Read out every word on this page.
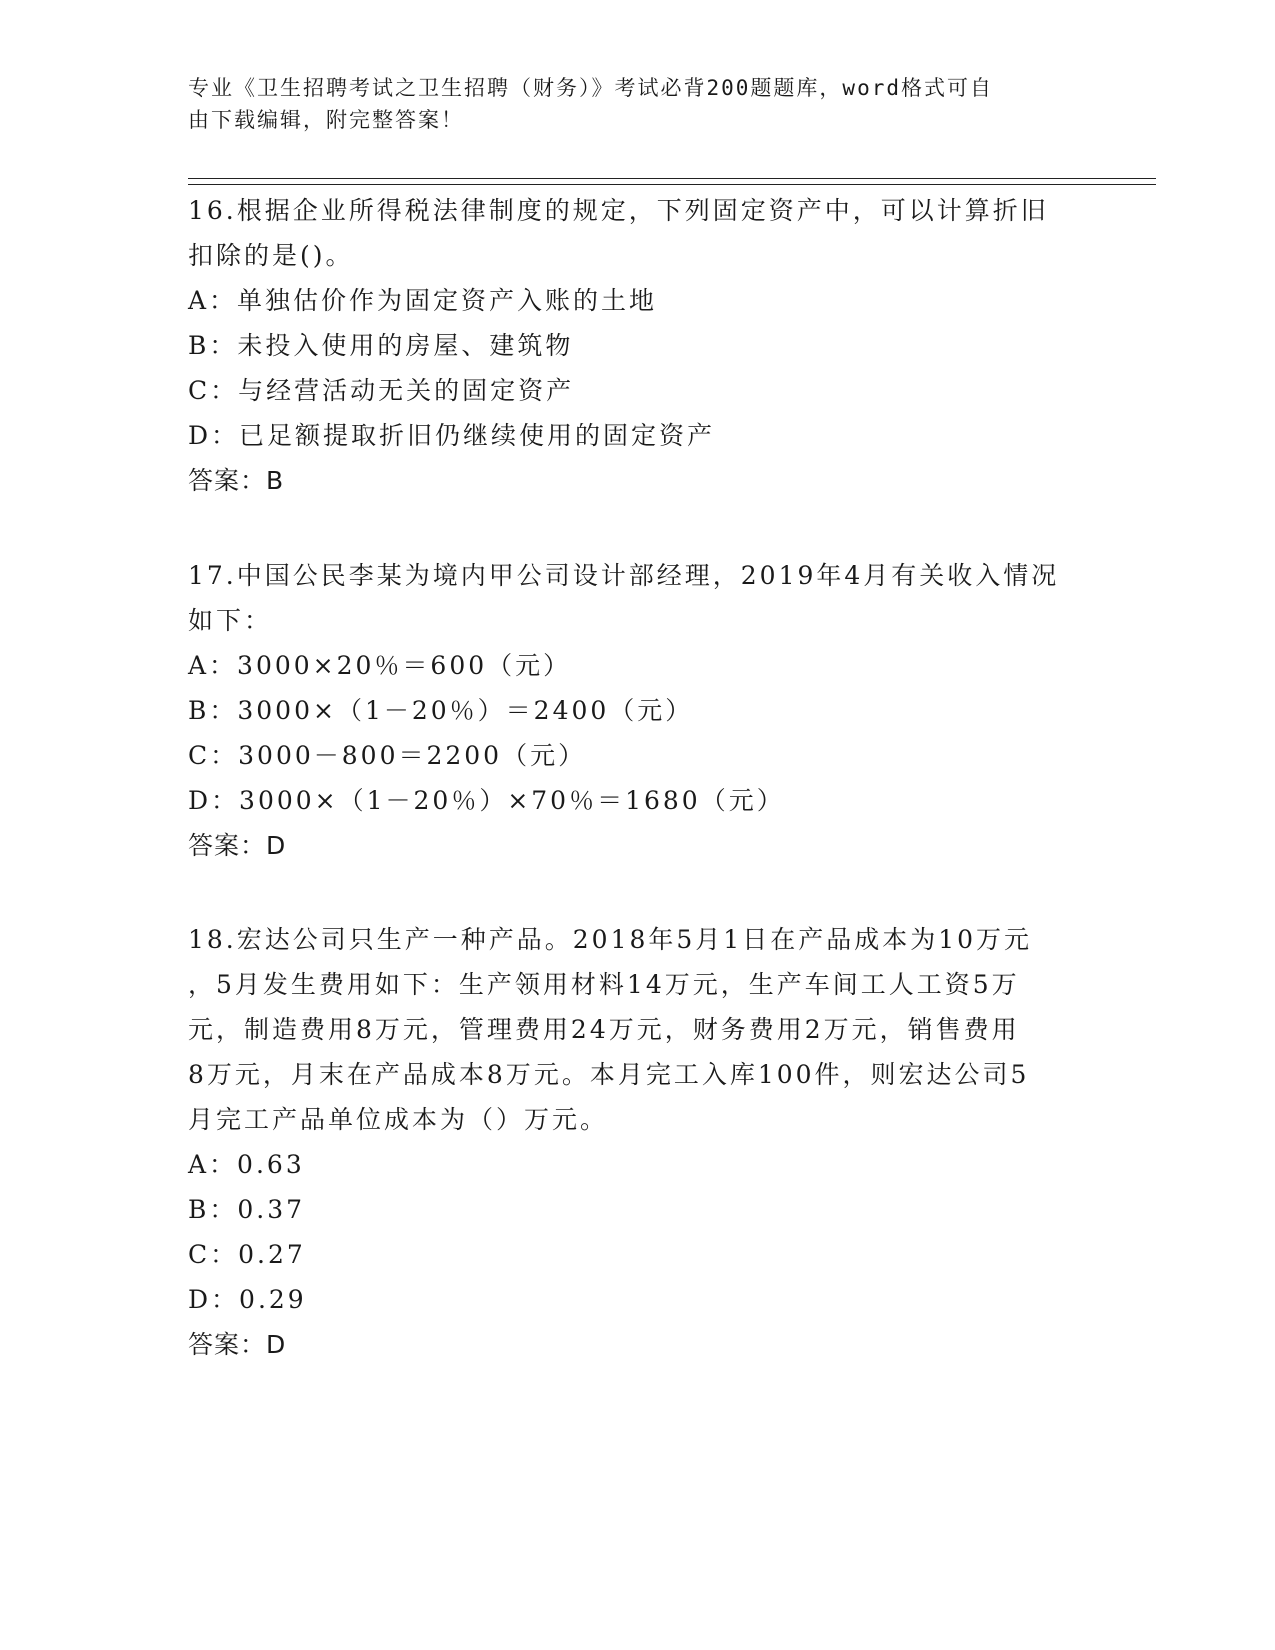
专业《卫生招聘考试之卫生招聘（财务）》考试必背200题题库，word格式可自
由下载编辑，附完整答案！
16.根据企业所得税法律制度的规定，下列固定资产中，可以计算折旧
扣除的是()。
A：单独估价作为固定资产入账的土地
B：未投入使用的房屋、建筑物
C：与经营活动无关的固定资产
D：已足额提取折旧仍继续使用的固定资产
答案：B
17.中国公民李某为境内甲公司设计部经理，2019年4月有关收入情况
如下：
A：3000×20％＝600（元）
B：3000×（1－20％）＝2400（元）
C：3000－800＝2200（元）
D：3000×（1－20％）×70％＝1680（元）
答案：D
18.宏达公司只生产一种产品。2018年5月1日在产品成本为10万元
，5月发生费用如下：生产领用材料14万元，生产车间工人工资5万
元，制造费用8万元，管理费用24万元，财务费用2万元，销售费用
8万元，月末在产品成本8万元。本月完工入库100件，则宏达公司5
月完工产品单位成本为（）万元。
A：0.63
B：0.37
C：0.27
D：0.29
答案：D
